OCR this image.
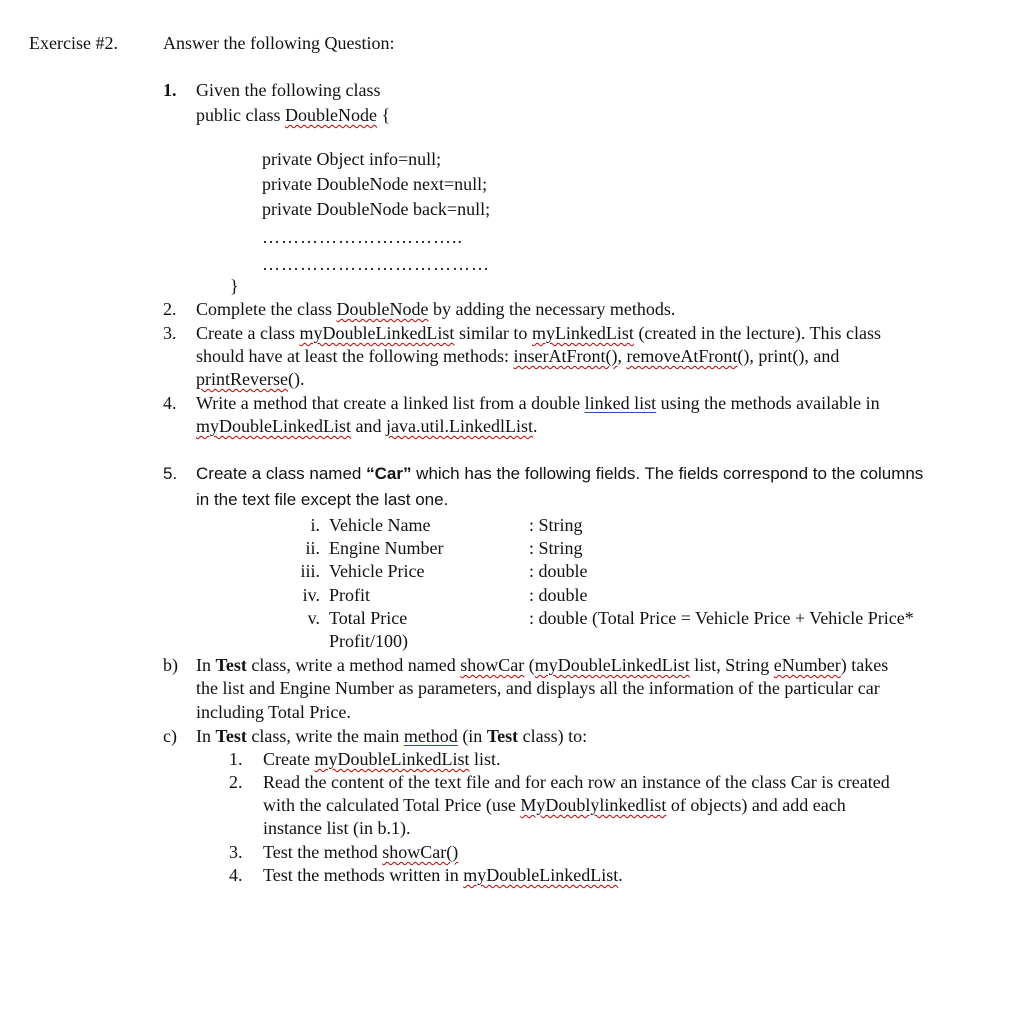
Exercise #2.	Answer the following Question:
1. Given the following class
public class DoubleNode {
private Object info=null;
private DoubleNode next=null;
private DoubleNode back=null;
…………………………..
………………………………
}
2. Complete the class DoubleNode by adding the necessary methods.
3. Create a class myDoubleLinkedList similar to myLinkedList (created in the lecture). This class
should have at least the following methods: inserAtFront(), removeAtFront(), print(), and
printReverse().
4. Write a method that create a linked list from a double linked list using the methods available in
myDoubleLinkedList and java.util.LinkedlList.
5. Create a class named “Car” which has the following fields. The fields correspond to the columns
in the text file except the last one.
i. Vehicle Name	: String
ii. Engine Number	: String
iii. Vehicle Price	: double
iv. Profit	: double
v. Total Price	: double (Total Price = Vehicle Price + Vehicle Price*
Profit/100)
b) In Test class, write a method named showCar (myDoubleLinkedList list, String eNumber) takes
the list and Engine Number as parameters, and displays all the information of the particular car
including Total Price.
c) In Test class, write the main method (in Test class) to:
1. Create myDoubleLinkedList list.
2. Read the content of the text file and for each row an instance of the class Car is created
with the calculated Total Price (use MyDoublylinkedlist of objects) and add each
instance list (in b.1).
3. Test the method showCar()
4. Test the methods written in myDoubleLinkedList.
